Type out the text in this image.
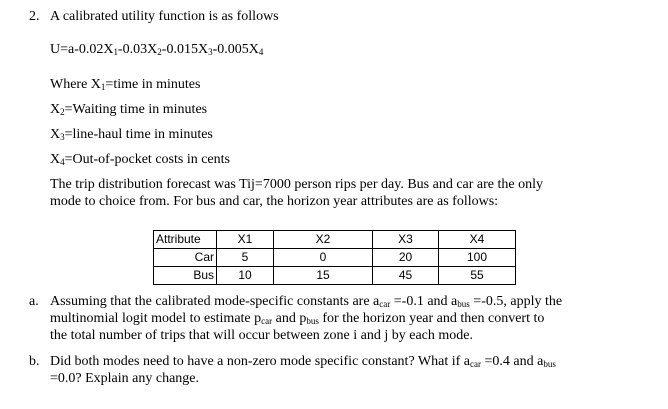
2. A calibrated utility function is as follows
$U=a-0.02X_1-0.03X_2-0.015X_3-0.005X_4$
Where $X_1=time$ in minutes
$X_2=Waiting$ time in minutes
$X_3=line$-haul time in minutes
$X_4=Out-of$-pocket costs in cents
The trip distribution forecast was Tij=7000 person rips per day. Bus and car are the only
mode to choice from. For bus and car, the horizon year attributes are as follows:
Attribute	X1	X2	X3	X4
Car	5	0	20	100
Bus	10	15	45	55
a. Assuming that the calibrated mode-specific constants are $a_{car} =-0.1$ and $a_{bus} =-0.5$, apply the
multinomial logit model to estimate $p_{car}$ and $p_{bus}$ for the horizon year and then convert to
the total number of trips that will occur between zone i and j by each mode.
b. Did both modes need to have a non-zero mode specific constant? What if $a_{car} =0.4$ and $a_{bus}$
=0.0? Explain any change.
